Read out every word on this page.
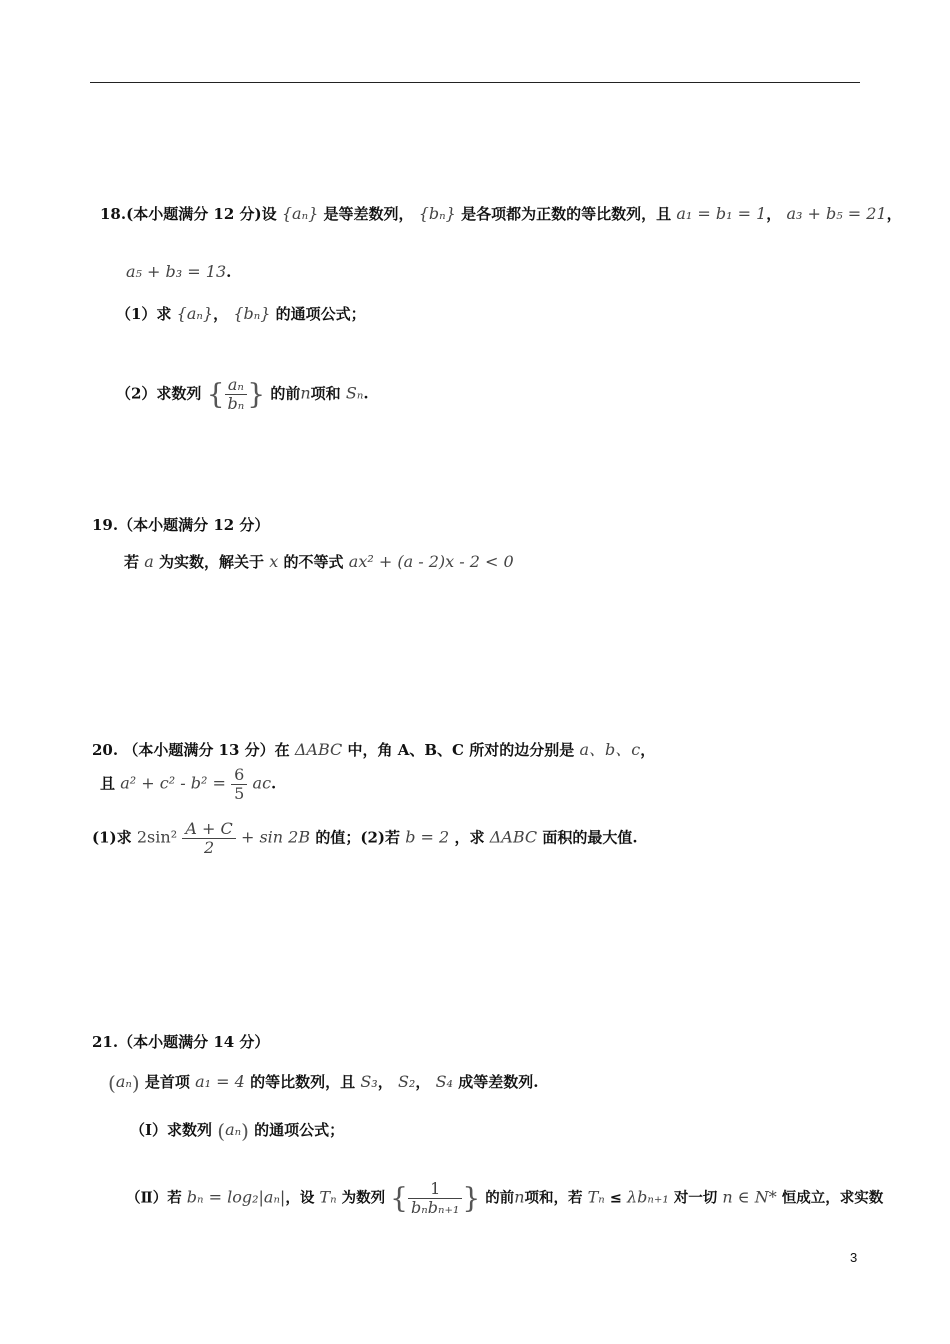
18.(本小题满分 12 分)设 {aₙ} 是等差数列， {bₙ} 是各项都为正数的等比数列，且 a₁ = b₁ = 1， a₃ + b₅ = 21，
a₅ + b₃ = 13.
（1）求 {aₙ}， {bₙ} 的通项公式；
（2）求数列 { $\frac{\text{aₙ}}{\text{bₙ}}$ } 的前n项和 Sₙ.
19.（本小题满分 12 分）
若 a 为实数，解关于 x 的不等式 ax² + (a - 2)x - 2 < 0
20. （本小题满分 13 分）在 ΔABC 中，角 A、B、C 所对的边分别是 a、b、c，
且 $a^2 + c^2 - b^2 = \frac{6}{5}$ ac.
(1)求 $2\sin^2 \frac{A + C}{2} + \sin 2B$ 的值；(2)若 b = 2 ，求 ΔABC 面积的最大值.
21.（本小题满分 14 分）
(aₙ) 是首项 a₁ = 4 的等比数列，且 S₃， S₂， S₄ 成等差数列.
（Ⅰ）求数列 (aₙ) 的通项公式；
（Ⅱ）若 bₙ = log₂|aₙ|，设 Tₙ 为数列 { $\frac{1}{\text{bₙbₙ₊₁}}$ } 的前n项和，若 Tₙ ≤ λbₙ₊₁ 对一切 n ∈ N* 恒成立，求实数
3
